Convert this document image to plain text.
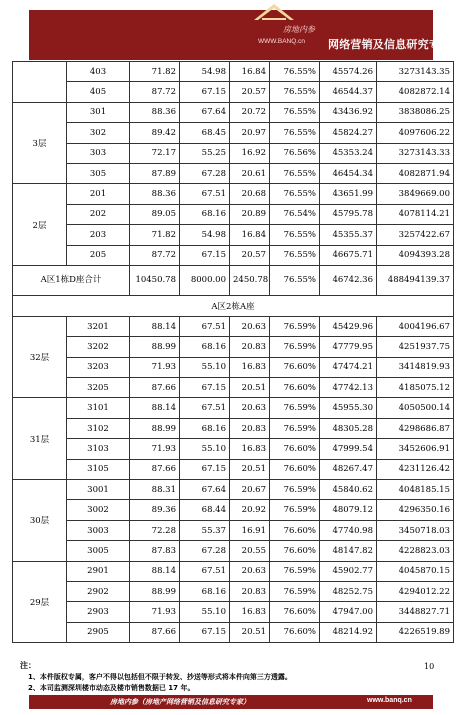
房地内参
WWW.BANQ.cn 网络营销及信息研究专家
	403	71.82	54.98	16.84	76.55%	45574.26	3273143.35
	405	87.72	67.15	20.57	76.55%	46544.37	4082872.14
3层	301	88.36	67.64	20.72	76.55%	43436.92	3838086.25
	302	89.42	68.45	20.97	76.55%	45824.27	4097606.22
	303	72.17	55.25	16.92	76.56%	45353.24	3273143.33
	305	87.89	67.28	20.61	76.55%	46454.34	4082871.94
2层	201	88.36	67.51	20.68	76.55%	43651.99	3849669.00
	202	89.05	68.16	20.89	76.54%	45795.78	4078114.21
	203	71.82	54.98	16.84	76.55%	45355.37	3257422.67
	205	87.72	67.15	20.57	76.55%	46675.71	4094393.28
A区1栋D座合计		10450.78	8000.00	2450.78	76.55%	46742.36	488494139.37
A区2栋A座							
32层	3201	88.14	67.51	20.63	76.59%	45429.96	4004196.67
	3202	88.99	68.16	20.83	76.59%	47779.95	4251937.75
	3203	71.93	55.10	16.83	76.60%	47474.21	3414819.93
	3205	87.66	67.15	20.51	76.60%	47742.13	4185075.12
31层	3101	88.14	67.51	20.63	76.59%	45955.30	4050500.14
	3102	88.99	68.16	20.83	76.59%	48305.28	4298686.87
	3103	71.93	55.10	16.83	76.60%	47999.54	3452606.91
	3105	87.66	67.15	20.51	76.60%	48267.47	4231126.42
30层	3001	88.31	67.64	20.67	76.59%	45840.62	4048185.15
	3002	89.36	68.44	20.92	76.59%	48079.12	4296350.16
	3003	72.28	55.37	16.91	76.60%	47740.98	3450718.03
	3005	87.83	67.28	20.55	76.60%	48147.82	4228823.03
29层	2901	88.14	67.51	20.63	76.59%	45902.77	4045870.15
	2902	88.99	68.16	20.83	76.59%	48252.75	4294012.22
	2903	71.93	55.10	16.83	76.60%	47947.00	3448827.71
	2905	87.66	67.15	20.51	76.60%	48214.92	4226519.89
注：
1、本件版权专属，客户不得以包括但不限于转发、抄送等形式将本件向第三方透露。
2、本司监测深圳楼市动态及楼市销售数据已 17 年。
10
房地内参（房地产网络营销及信息研究专家）	www.banq.cn
